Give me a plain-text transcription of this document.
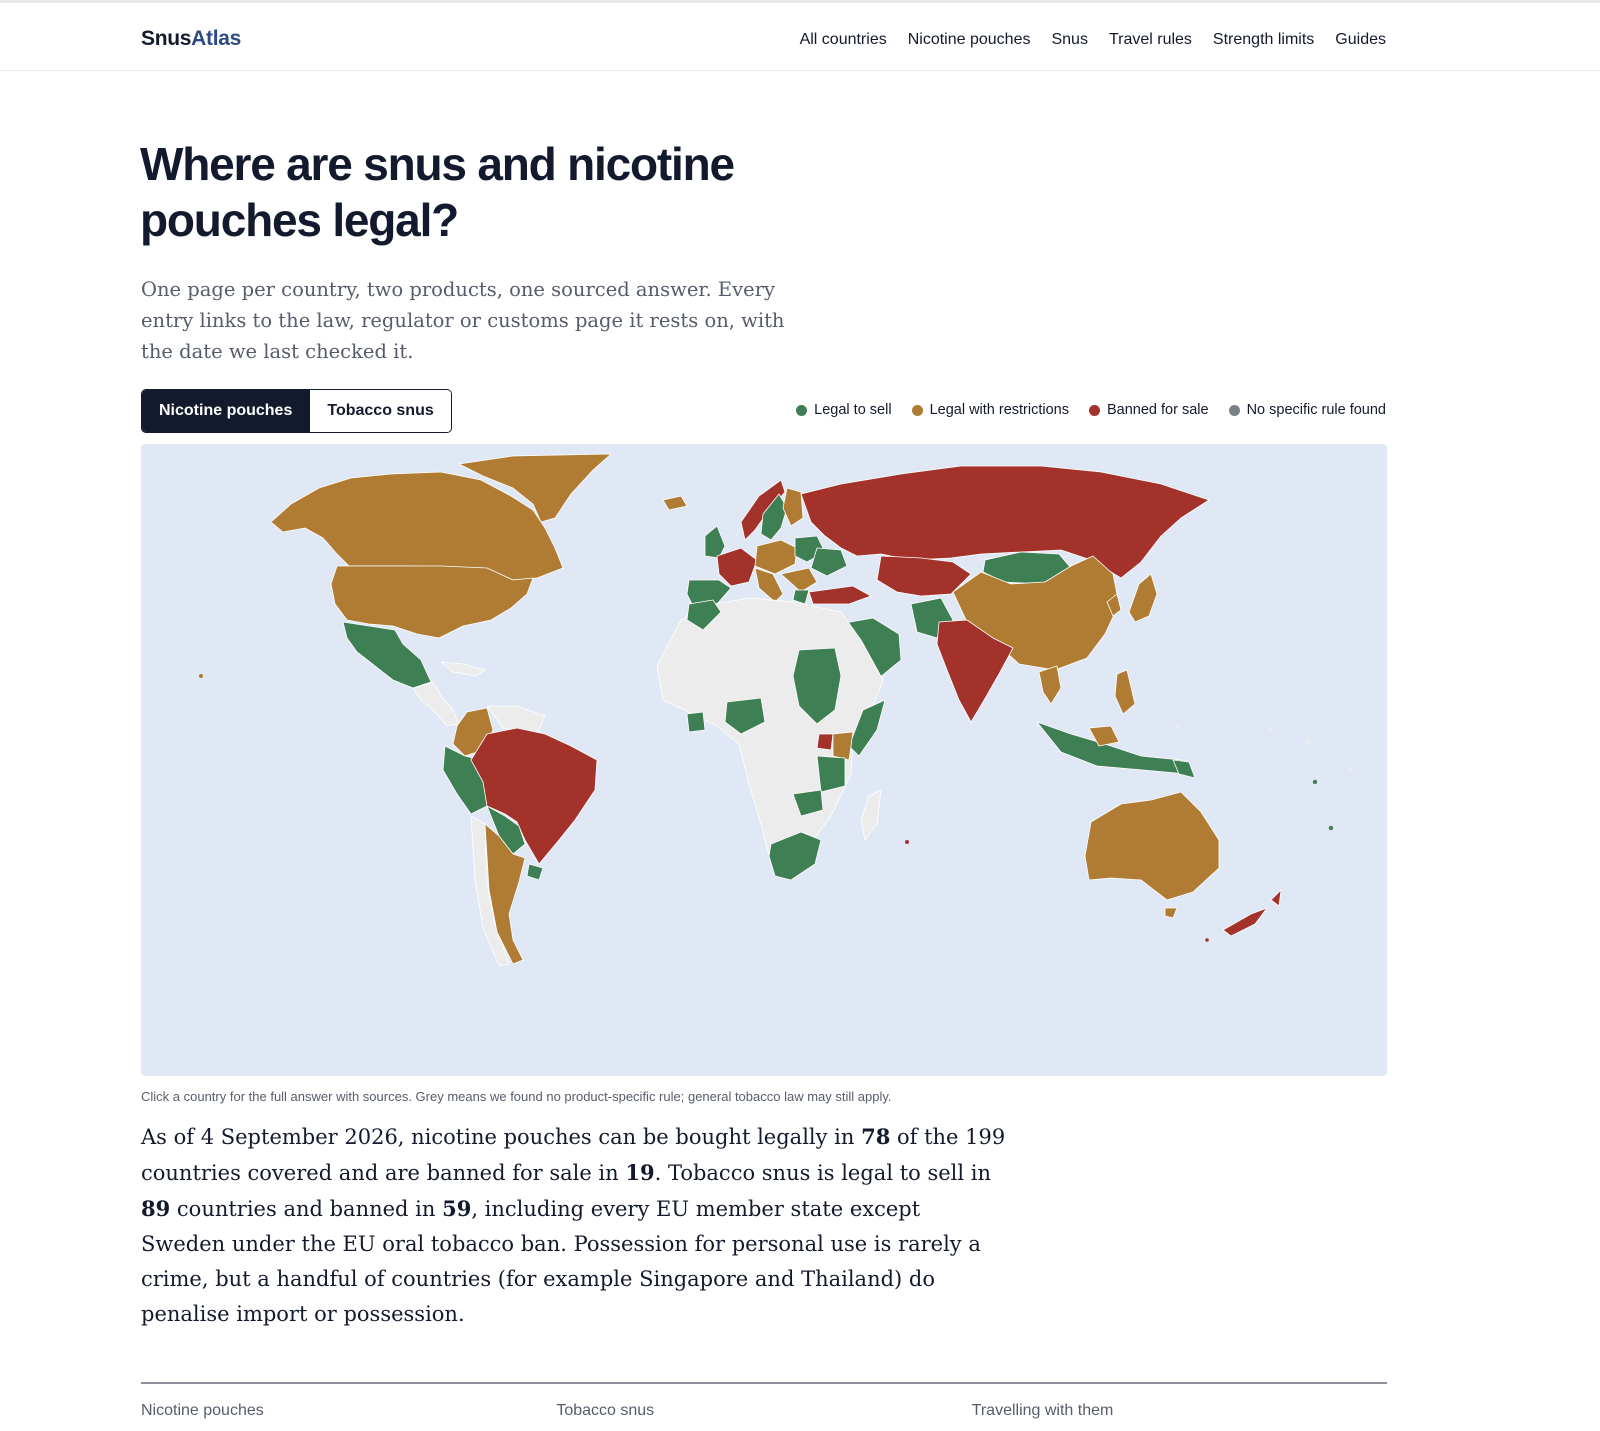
SnusAtlas	All countries Nicotine pouches Snus Travel rules Strength limits Guides
Where are snus and nicotine pouches legal?

One page per country, two products, one sourced answer. Every entry links to the law, regulator or customs page it rests on, with the date we last checked it.

Nicotine pouches	Tobacco snus	Legal to sell	Legal with restrictions	Banned for sale	No specific rule found

Click a country for the full answer with sources. Grey means we found no product-specific rule; general tobacco law may still apply.

As of 4 September 2026, nicotine pouches can be bought legally in 78 of the 199 countries covered and are banned for sale in 19. Tobacco snus is legal to sell in 89 countries and banned in 59, including every EU member state except Sweden under the EU oral tobacco ban. Possession for personal use is rarely a crime, but a handful of countries (for example Singapore and Thailand) do penalise import or possession.

Nicotine pouches	Tobacco snus	Travelling with them
